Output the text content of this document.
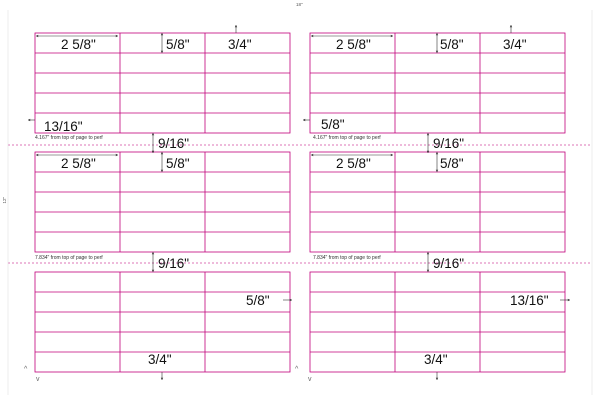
18"
12"
2 5/8"	5/8"	3/4"
13/16"
2 5/8"	5/8"	3/4"
5/8"
4.167" from top of page to perf	4.167" from top of page to perf
9/16"	9/16"
2 5/8"	5/8"	2 5/8"	5/8"
7.834" from top of page to perf	7.834" from top of page to perf
9/16"	9/16"
5/8"	13/16"
3/4"	3/4"
^
v
^
v
